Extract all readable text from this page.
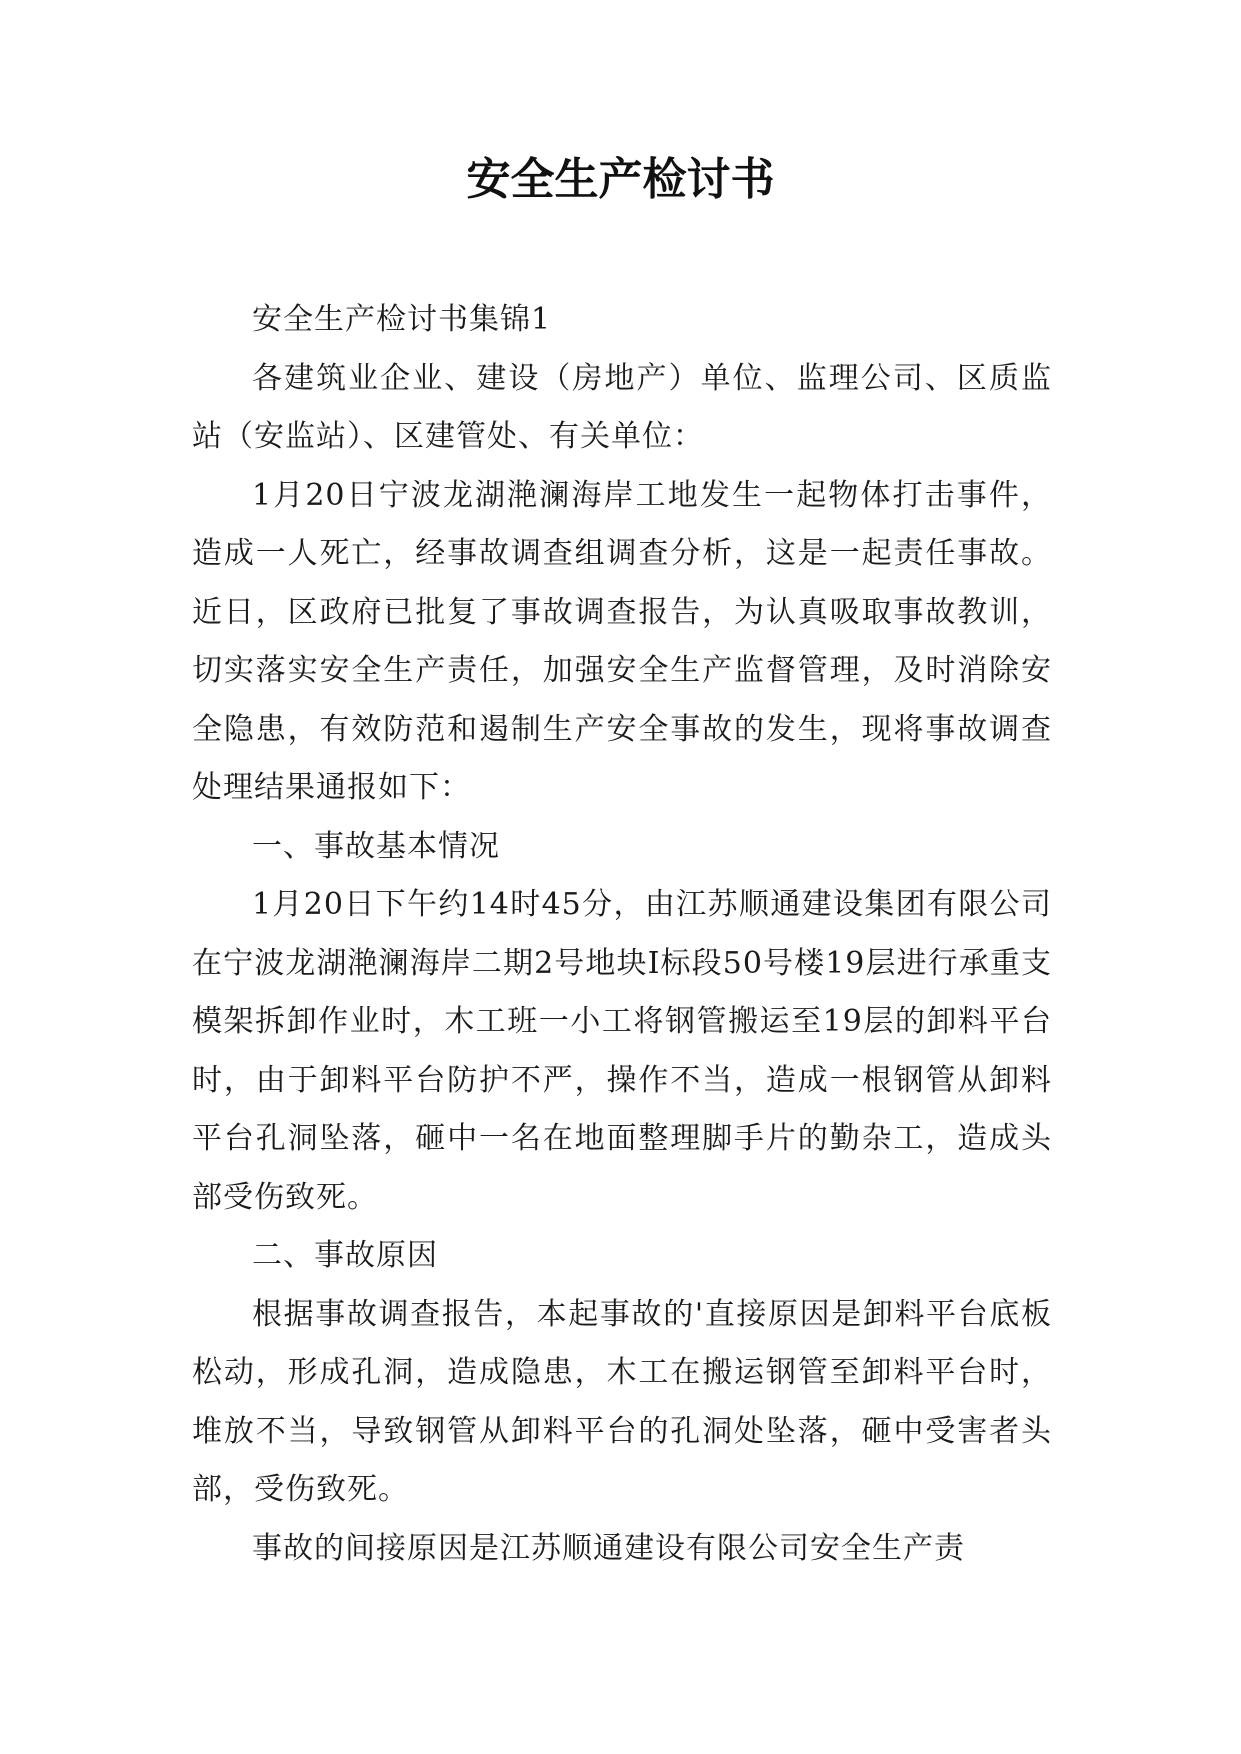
安全生产检讨书

安全生产检讨书集锦1

各建筑业企业、建设（房地产）单位、监理公司、区质监站（安监站）、区建管处、有关单位：

1月20日宁波龙湖滟澜海岸工地发生一起物体打击事件，造成一人死亡，经事故调查组调查分析，这是一起责任事故。近日，区政府已批复了事故调查报告，为认真吸取事故教训，切实落实安全生产责任，加强安全生产监督管理，及时消除安全隐患，有效防范和遏制生产安全事故的发生，现将事故调查处理结果通报如下：

一、事故基本情况

1月20日下午约14时45分，由江苏顺通建设集团有限公司在宁波龙湖滟澜海岸二期2号地块I标段50号楼19层进行承重支模架拆卸作业时，木工班一小工将钢管搬运至19层的卸料平台时，由于卸料平台防护不严，操作不当，造成一根钢管从卸料平台孔洞坠落，砸中一名在地面整理脚手片的勤杂工，造成头部受伤致死。

二、事故原因

根据事故调查报告，本起事故的'直接原因是卸料平台底板松动，形成孔洞，造成隐患，木工在搬运钢管至卸料平台时，堆放不当，导致钢管从卸料平台的孔洞处坠落，砸中受害者头部，受伤致死。

事故的间接原因是江苏顺通建设有限公司安全生产责
